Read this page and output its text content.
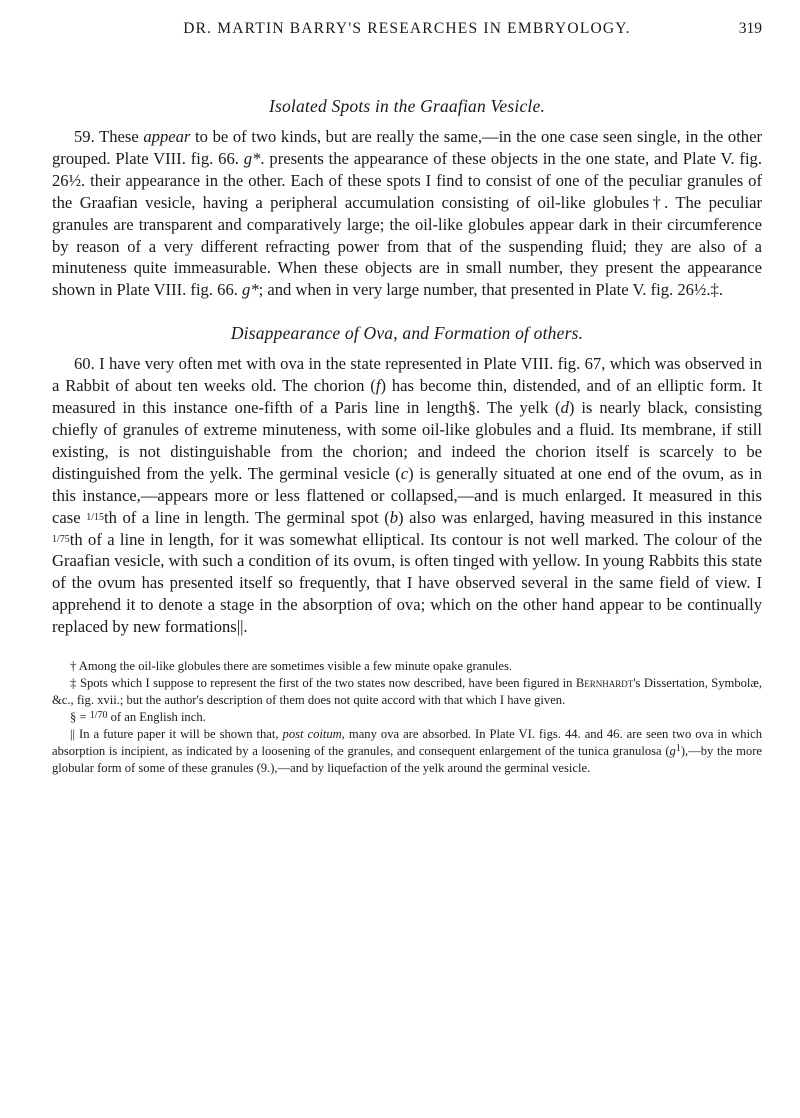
DR. MARTIN BARRY'S RESEARCHES IN EMBRYOLOGY.	319
Isolated Spots in the Graafian Vesicle.

59. These appear to be of two kinds, but are really the same,—in the one case seen single, in the other grouped. Plate VIII. fig. 66. g*. presents the appearance of these objects in the one state, and Plate V. fig. 26½. their appearance in the other. Each of these spots I find to consist of one of the peculiar granules of the Graafian vesicle, having a peripheral accumulation consisting of oil-like globules†. The peculiar granules are transparent and comparatively large; the oil-like globules appear dark in their circumference by reason of a very different refracting power from that of the suspending fluid; they are also of a minuteness quite immeasurable. When these objects are in small number, they present the appearance shown in Plate VIII. fig. 66. g*; and when in very large number, that presented in Plate V. fig. 26½.‡.

Disappearance of Ova, and Formation of others.

60. I have very often met with ova in the state represented in Plate VIII. fig. 67, which was observed in a Rabbit of about ten weeks old. The chorion (f) has become thin, distended, and of an elliptic form. It measured in this instance one-fifth of a Paris line in length§. The yelk (d) is nearly black, consisting chiefly of granules of extreme minuteness, with some oil-like globules and a fluid. Its membrane, if still existing, is not distinguishable from the chorion; and indeed the chorion itself is scarcely to be distinguished from the yelk. The germinal vesicle (c) is generally situated at one end of the ovum, as in this instance,—appears more or less flattened or collapsed,—and is much enlarged. It measured in this case 1/15th of a line in length. The germinal spot (b) also was enlarged, having measured in this instance 1/75th of a line in length, for it was somewhat elliptical. Its contour is not well marked. The colour of the Graafian vesicle, with such a condition of its ovum, is often tinged with yellow. In young Rabbits this state of the ovum has presented itself so frequently, that I have observed several in the same field of view. I apprehend it to denote a stage in the absorption of ova; which on the other hand appear to be continually replaced by new formations||.

† Among the oil-like globules there are sometimes visible a few minute opake granules.

‡ Spots which I suppose to represent the first of the two states now described, have been figured in Bernhardt's Dissertation, Symbolæ, &c., fig. xvii.; but the author's description of them does not quite accord with that which I have given.

§ = $^{1/70}$ of an English inch.

|| In a future paper it will be shown that, post coitum, many ova are absorbed. In Plate VI. figs. 44. and 46. are seen two ova in which absorption is incipient, as indicated by a loosening of the granules, and consequent enlargement of the tunica granulosa $(g^1),—by$ the more globular form of some of these granules (9.),—and by liquefaction of the yelk around the germinal vesicle.
